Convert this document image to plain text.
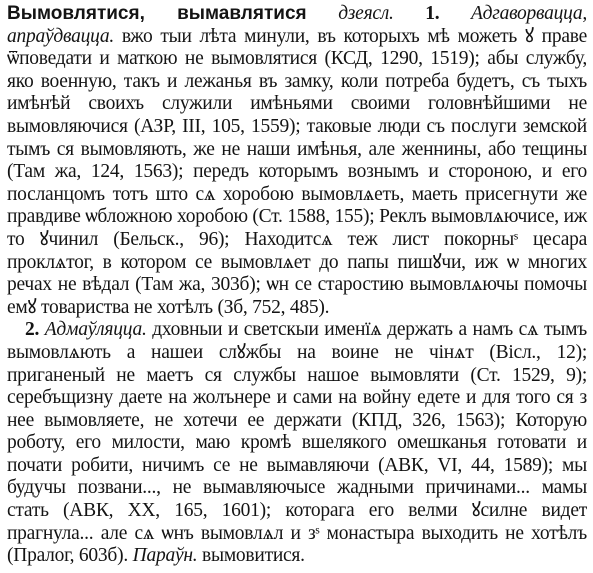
Вымовлятися, вымавлятися дзеясл. 1. Адгаворвацца, апраўдвацца. вжо тыи лѣта минули, въ которыхъ мѣ можеть ꙋ праве ѿповедати и маткою не вымовлятися (КСД, 1290, 1519); абы службу, яко военную, такъ и лежанья въ замку, коли потреба будетъ, съ тыхъ имѣнѣй своихъ служили имѣньями своими головнѣйшими не вымовляючися (АЗР, III, 105, 1559); таковые люди съ послуги земской тымъ ся вымовляють, же не наши имѣнья, але женнины, або тещины (Там жа, 124, 1563); передъ которымъ вознымъ и стороною, и его посланцомъ тотъ што сѧ хоробою вымовлѧеть, маеть присегнути же правдиве ѡбложною хоробою (Ст. 1588, 155); Реклъ вымовлѧючисе, иж то ꙋчинил (Бельск., 96); Находитсѧ теж лист покорныˢ цесара проклѧтог, в котором се вымовлѧет до папы пишꙋчи, иж ѡ многих речах не вѣдал (Там жа, 303б); ѡн се старостию вымовлѧючы помочы емꙋ товариства не хотѣлъ (Зб, 752, 485).

2. Адмаўляцца. дховныи и светскыи именїѧ держать а намъ сѧ тымъ вымовлѧють а нашеи слꙋжбы на воине не чінѧт (Віcл., 12); приганеный не маетъ ся службы нашое вымовляти (Ст. 1529, 9); серебъщизну даете на жолънере и сами на войну едете и для того ся з нее вымовляете, не хотечи ее держати (КПД, 326, 1563); Которую роботу, его милости, маю кромѣ вшелякого омешканья готовати и почати робити, ничимъ се не вымавляючи (АВК, VI, 44, 1589); мы будучы позвани..., не вымавляючысе жадными причинами... мамы стать (АВК, XX, 165, 1601); которага его велми ꙋсилне видет прагнула... але сѧ ѡнъ вымовлѧл и зˢ монастыра выходить не хотѣлъ (Пралог, 603б). Параўн. вымовитися.
